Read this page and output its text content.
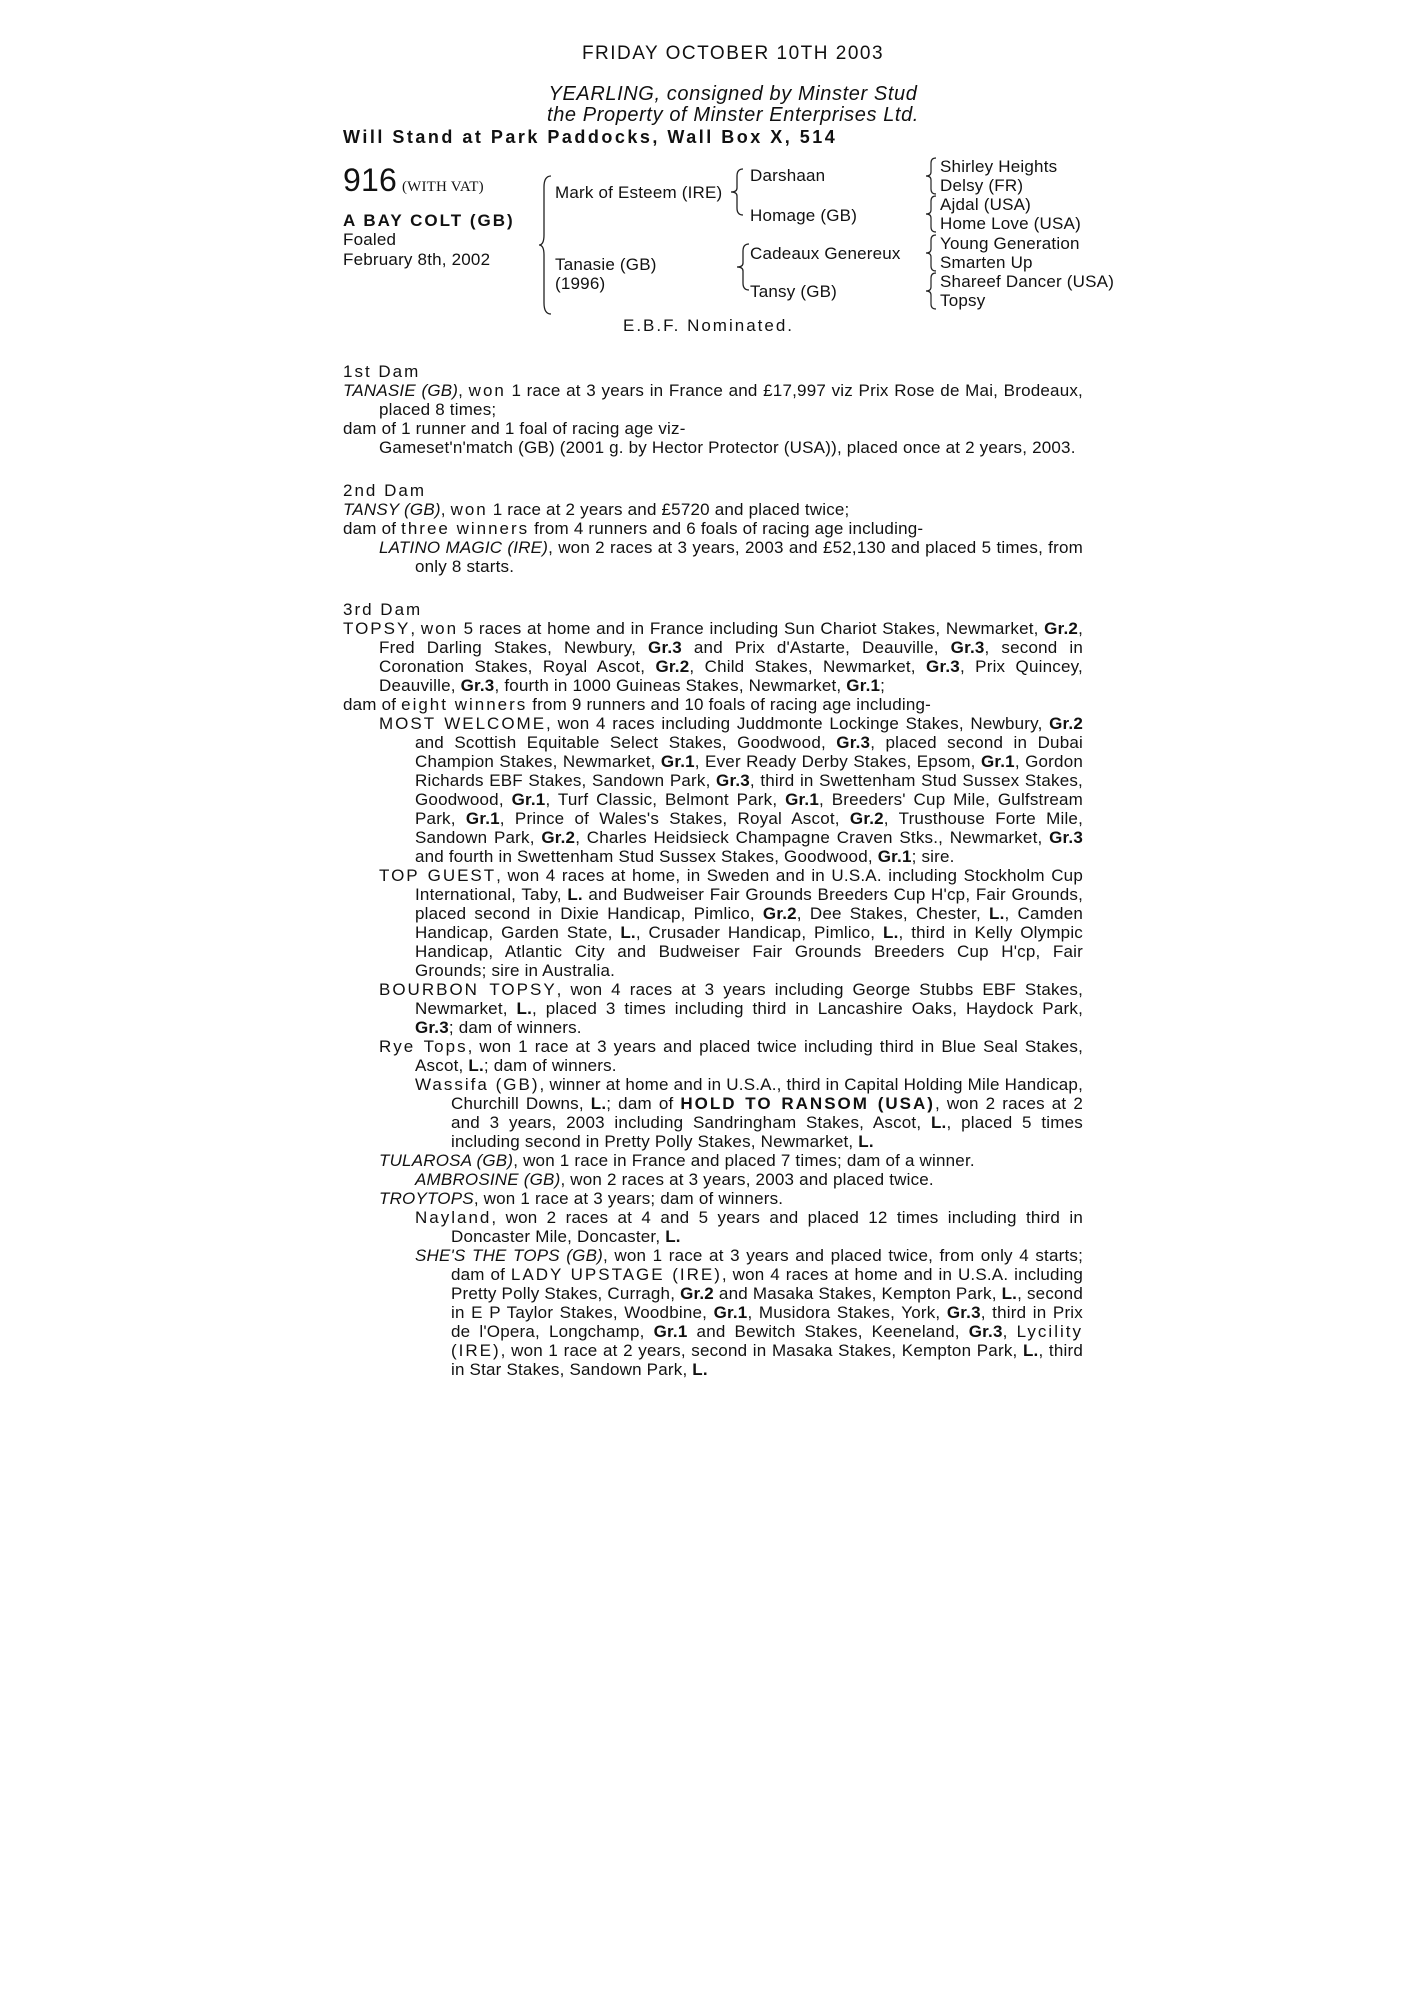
FRIDAY OCTOBER 10TH 2003
YEARLING, consigned by Minster Stud
the Property of Minster Enterprises Ltd.
Will Stand at Park Paddocks, Wall Box X, 514
916 (WITH VAT)
A BAY COLT (GB)
Foaled
February 8th, 2002
Mark of Esteem (IRE)
Tanasie (GB)
(1996)
Darshaan
Homage (GB)
Cadeaux Genereux
Tansy (GB)
Shirley Heights
Delsy (FR)
Ajdal (USA)
Home Love (USA)
Young Generation
Smarten Up
Shareef Dancer (USA)
Topsy
E.B.F. Nominated.
1st Dam

TANASIE (GB), won 1 race at 3 years in France and £17,997 viz Prix Rose de Mai, Brodeaux, placed 8 times;

dam of 1 runner and 1 foal of racing age viz-

Gameset'n'match (GB) (2001 g. by Hector Protector (USA)), placed once at 2 years, 2003.

2nd Dam

TANSY (GB), won 1 race at 2 years and £5720 and placed twice;

dam of three winners from 4 runners and 6 foals of racing age including-

LATINO MAGIC (IRE), won 2 races at 3 years, 2003 and £52,130 and placed 5 times, from only 8 starts.

3rd Dam

TOPSY, won 5 races at home and in France including Sun Chariot Stakes, Newmarket, Gr.2, Fred Darling Stakes, Newbury, Gr.3 and Prix d'Astarte, Deauville, Gr.3, second in Coronation Stakes, Royal Ascot, Gr.2, Child Stakes, Newmarket, Gr.3, Prix Quincey, Deauville, Gr.3, fourth in 1000 Guineas Stakes, Newmarket, Gr.1;

dam of eight winners from 9 runners and 10 foals of racing age including-

MOST WELCOME, won 4 races including Juddmonte Lockinge Stakes, Newbury, Gr.2 and Scottish Equitable Select Stakes, Goodwood, Gr.3, placed second in Dubai Champion Stakes, Newmarket, Gr.1, Ever Ready Derby Stakes, Epsom, Gr.1, Gordon Richards EBF Stakes, Sandown Park, Gr.3, third in Swettenham Stud Sussex Stakes, Goodwood, Gr.1, Turf Classic, Belmont Park, Gr.1, Breeders' Cup Mile, Gulfstream Park, Gr.1, Prince of Wales's Stakes, Royal Ascot, Gr.2, Trusthouse Forte Mile, Sandown Park, Gr.2, Charles Heidsieck Champagne Craven Stks., Newmarket, Gr.3 and fourth in Swettenham Stud Sussex Stakes, Goodwood, Gr.1; sire.

TOP GUEST, won 4 races at home, in Sweden and in U.S.A. including Stockholm Cup International, Taby, L. and Budweiser Fair Grounds Breeders Cup H'cp, Fair Grounds, placed second in Dixie Handicap, Pimlico, Gr.2, Dee Stakes, Chester, L., Camden Handicap, Garden State, L., Crusader Handicap, Pimlico, L., third in Kelly Olympic Handicap, Atlantic City and Budweiser Fair Grounds Breeders Cup H'cp, Fair Grounds; sire in Australia.

BOURBON TOPSY, won 4 races at 3 years including George Stubbs EBF Stakes, Newmarket, L., placed 3 times including third in Lancashire Oaks, Haydock Park, Gr.3; dam of winners.

Rye Tops, won 1 race at 3 years and placed twice including third in Blue Seal Stakes, Ascot, L.; dam of winners.

Wassifa (GB), winner at home and in U.S.A., third in Capital Holding Mile Handicap, Churchill Downs, L.; dam of HOLD TO RANSOM (USA), won 2 races at 2 and 3 years, 2003 including Sandringham Stakes, Ascot, L., placed 5 times including second in Pretty Polly Stakes, Newmarket, L.

TULAROSA (GB), won 1 race in France and placed 7 times; dam of a winner.

AMBROSINE (GB), won 2 races at 3 years, 2003 and placed twice.

TROYTOPS, won 1 race at 3 years; dam of winners.

Nayland, won 2 races at 4 and 5 years and placed 12 times including third in Doncaster Mile, Doncaster, L.

SHE'S THE TOPS (GB), won 1 race at 3 years and placed twice, from only 4 starts; dam of LADY UPSTAGE (IRE), won 4 races at home and in U.S.A. including Pretty Polly Stakes, Curragh, Gr.2 and Masaka Stakes, Kempton Park, L., second in E P Taylor Stakes, Woodbine, Gr.1, Musidora Stakes, York, Gr.3, third in Prix de l'Opera, Longchamp, Gr.1 and Bewitch Stakes, Keeneland, Gr.3, Lycility (IRE), won 1 race at 2 years, second in Masaka Stakes, Kempton Park, L., third in Star Stakes, Sandown Park, L.
